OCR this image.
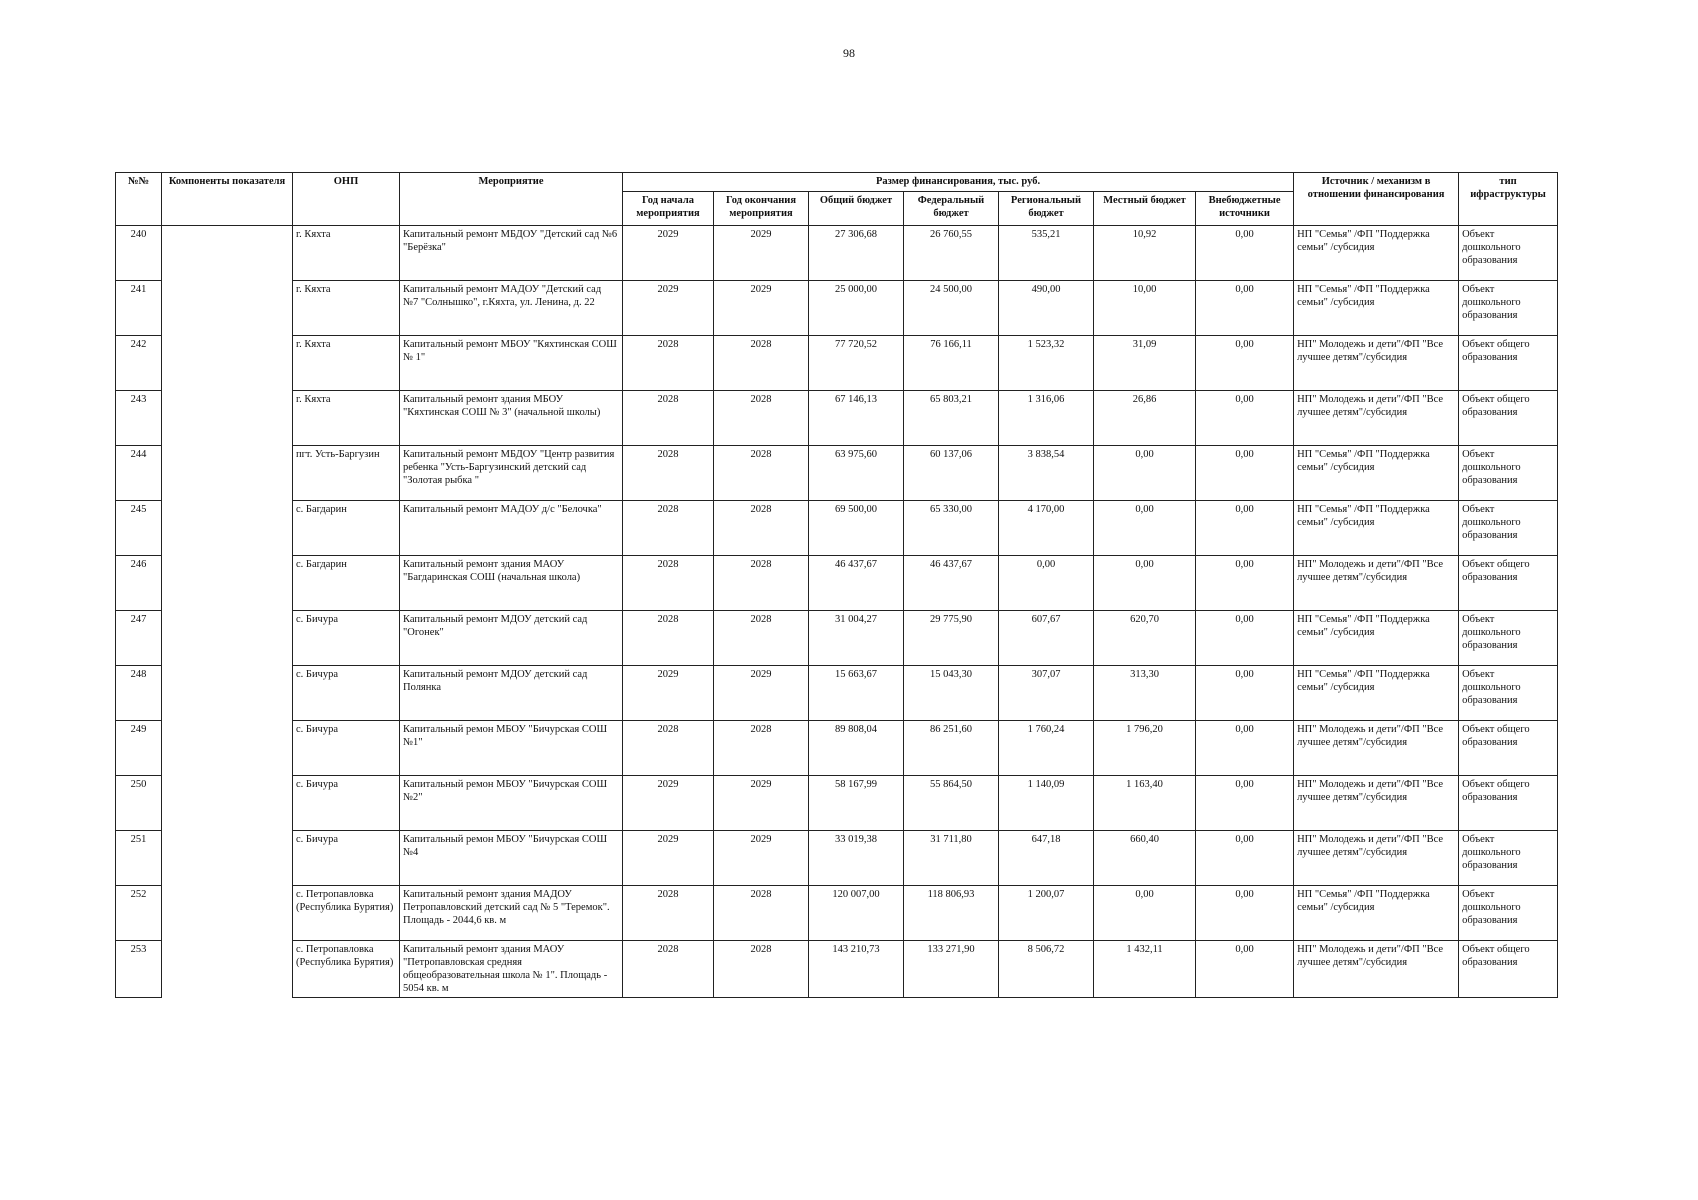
98
№№	Компоненты показателя	ОНП	Мероприятие	Размер финансирования, тыс. руб.							Источник / механизм в отношении финансирования	тип ифраструктуры
				Год начала мероприятия	Год окончания мероприятия	Общий бюджет	Федеральный бюджет	Региональный бюджет	Местный бюджет	Внебюджетные источники		
240		г. Кяхта	Капитальный ремонт МБДОУ "Детский сад №6 "Берёзка"	2029	2029	27 306,68	26 760,55	535,21	10,92	0,00	НП "Семья" /ФП "Поддержка семьи" /субсидия	Объект дошкольного образования
241		г. Кяхта	Капитальный ремонт МАДОУ "Детский сад №7 "Солнышко", г.Кяхта, ул. Ленина, д. 22	2029	2029	25 000,00	24 500,00	490,00	10,00	0,00	НП "Семья" /ФП "Поддержка семьи" /субсидия	Объект дошкольного образования
242		г. Кяхта	Капитальный ремонт МБОУ "Кяхтинская СОШ № 1"	2028	2028	77 720,52	76 166,11	1 523,32	31,09	0,00	НП" Молодежь и дети"/ФП "Все лучшее детям"/субсидия	Объект общего образования
243		г. Кяхта	Капитальный ремонт здания МБОУ "Кяхтинская СОШ № 3" (начальной школы)	2028	2028	67 146,13	65 803,21	1 316,06	26,86	0,00	НП" Молодежь и дети"/ФП "Все лучшее детям"/субсидия	Объект общего образования
244		пгт. Усть-Баргузин	Капитальный ремонт МБДОУ "Центр развития ребенка "Усть-Баргузинский детский сад "Золотая рыбка "	2028	2028	63 975,60	60 137,06	3 838,54	0,00	0,00	НП "Семья" /ФП "Поддержка семьи" /субсидия	Объект дошкольного образования
245		с. Багдарин	Капитальный ремонт МАДОУ д/с "Белочка"	2028	2028	69 500,00	65 330,00	4 170,00	0,00	0,00	НП "Семья" /ФП "Поддержка семьи" /субсидия	Объект дошкольного образования
246		с. Багдарин	Капитальный ремонт здания МАОУ "Багдаринская СОШ (начальная школа)	2028	2028	46 437,67	46 437,67	0,00	0,00	0,00	НП" Молодежь и дети"/ФП "Все лучшее детям"/субсидия	Объект общего образования
247		с. Бичура	Капитальный ремонт МДОУ детский сад "Огонек"	2028	2028	31 004,27	29 775,90	607,67	620,70	0,00	НП "Семья" /ФП "Поддержка семьи" /субсидия	Объект дошкольного образования
248		с. Бичура	Капитальный ремонт МДОУ детский сад Полянка	2029	2029	15 663,67	15 043,30	307,07	313,30	0,00	НП "Семья" /ФП "Поддержка семьи" /субсидия	Объект дошкольного образования
249		с. Бичура	Капитальный ремон МБОУ "Бичурская СОШ №1"	2028	2028	89 808,04	86 251,60	1 760,24	1 796,20	0,00	НП" Молодежь и дети"/ФП "Все лучшее детям"/субсидия	Объект общего образования
250		с. Бичура	Капитальный ремон МБОУ "Бичурская СОШ №2"	2029	2029	58 167,99	55 864,50	1 140,09	1 163,40	0,00	НП" Молодежь и дети"/ФП "Все лучшее детям"/субсидия	Объект общего образования
251		с. Бичура	Капитальный ремон МБОУ "Бичурская СОШ №4	2029	2029	33 019,38	31 711,80	647,18	660,40	0,00	НП" Молодежь и дети"/ФП "Все лучшее детям"/субсидия	Объект дошкольного образования
252		с. Петропавловка (Республика Бурятия)	Капитальный ремонт здания МАДОУ Петропавловский детский сад № 5 "Теремок". Площадь - 2044,6 кв. м	2028	2028	120 007,00	118 806,93	1 200,07	0,00	0,00	НП "Семья" /ФП "Поддержка семьи" /субсидия	Объект дошкольного образования
253		с. Петропавловка (Республика Бурятия)	Капитальный ремонт здания МАОУ "Петропавловская средняя общеобразовательная школа № 1". Площадь - 5054 кв. м	2028	2028	143 210,73	133 271,90	8 506,72	1 432,11	0,00	НП" Молодежь и дети"/ФП "Все лучшее детям"/субсидия	Объект общего образования
